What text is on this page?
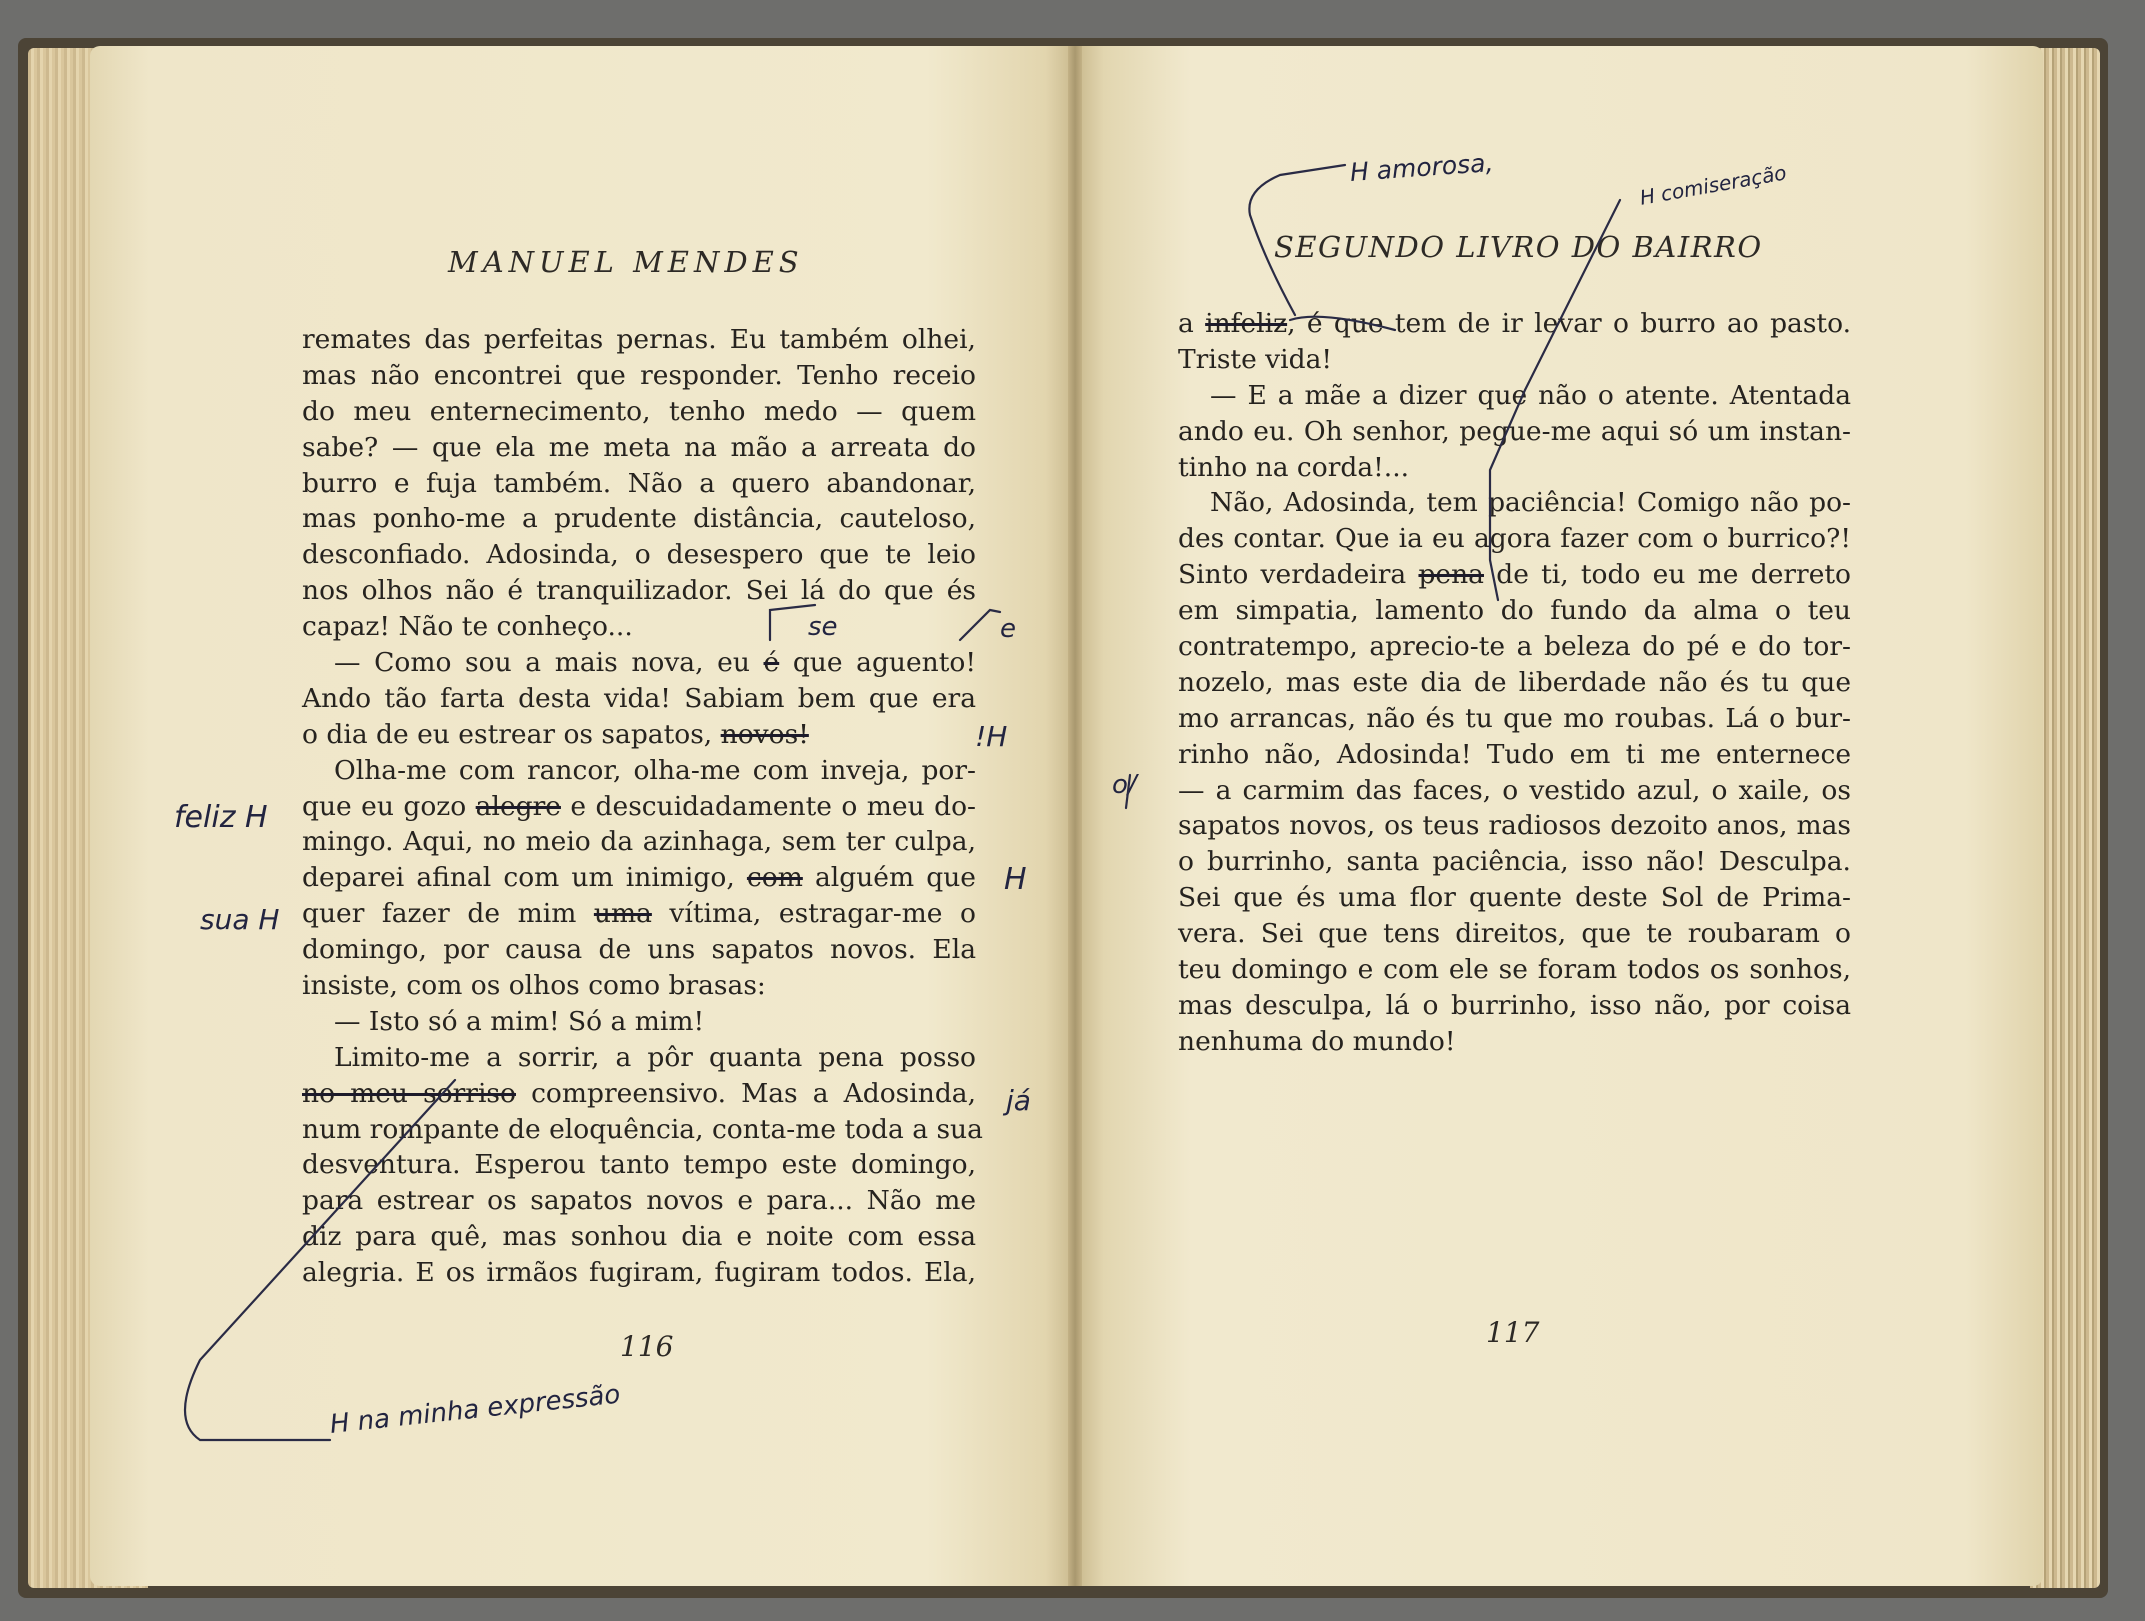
MANUEL MENDES
remates das perfeitas pernas. Eu também olhei,
mas não encontrei que responder. Tenho receio
do meu enternecimento, tenho medo — quem
sabe? — que ela me meta na mão a arreata do
burro e fuja também. Não a quero abandonar,
mas ponho-me a prudente distância, cauteloso,
desconfiado. Adosinda, o desespero que te leio
nos olhos não é tranquilizador. Sei lá do que és
capaz! Não te conheço...
— Como sou a mais nova, eu é que aguento!
Ando tão farta desta vida! Sabiam bem que era
o dia de eu estrear os sapatos, novos!
Olha-me com rancor, olha-me com inveja, por-
que eu gozo alegre e descuidadamente o meu do-
mingo. Aqui, no meio da azinhaga, sem ter culpa,
deparei afinal com um inimigo, com alguém que
quer fazer de mim uma vítima, estragar-me o
domingo, por causa de uns sapatos novos. Ela
insiste, com os olhos como brasas:
— Isto só a mim! Só a mim!
Limito-me a sorrir, a pôr quanta pena posso
no meu sorriso compreensivo. Mas a Adosinda,
num rompante de eloquência, conta-me toda a sua
desventura. Esperou tanto tempo este domingo,
para estrear os sapatos novos e para... Não me
diz para quê, mas sonhou dia e noite com essa
alegria. E os irmãos fugiram, fugiram todos. Ela,
116
SEGUNDO LIVRO DO BAIRRO
a infeliz, é que tem de ir levar o burro ao pasto.
Triste vida!
— E a mãe a dizer que não o atente. Atentada
ando eu. Oh senhor, pegue-me aqui só um instan-
tinho na corda!...
Não, Adosinda, tem paciência! Comigo não po-
des contar. Que ia eu agora fazer com o burrico?!
Sinto verdadeira pena de ti, todo eu me derreto
em simpatia, lamento do fundo da alma o teu
contratempo, aprecio-te a beleza do pé e do tor-
nozelo, mas este dia de liberdade não és tu que
mo arrancas, não és tu que mo roubas. Lá o bur-
rinho não, Adosinda! Tudo em ti me enternece
— a carmim das faces, o vestido azul, o xaile, os
sapatos novos, os teus radiosos dezoito anos, mas
o burrinho, santa paciência, isso não! Desculpa.
Sei que és uma flor quente deste Sol de Prima-
vera. Sei que tens direitos, que te roubaram o
teu domingo e com ele se foram todos os sonhos,
mas desculpa, lá o burrinho, isso não, por coisa
nenhuma do mundo!
117
feliz H
sua H
já
se	e
!H
H
H na minha expressão
H amorosa,	H comiseração
o/
